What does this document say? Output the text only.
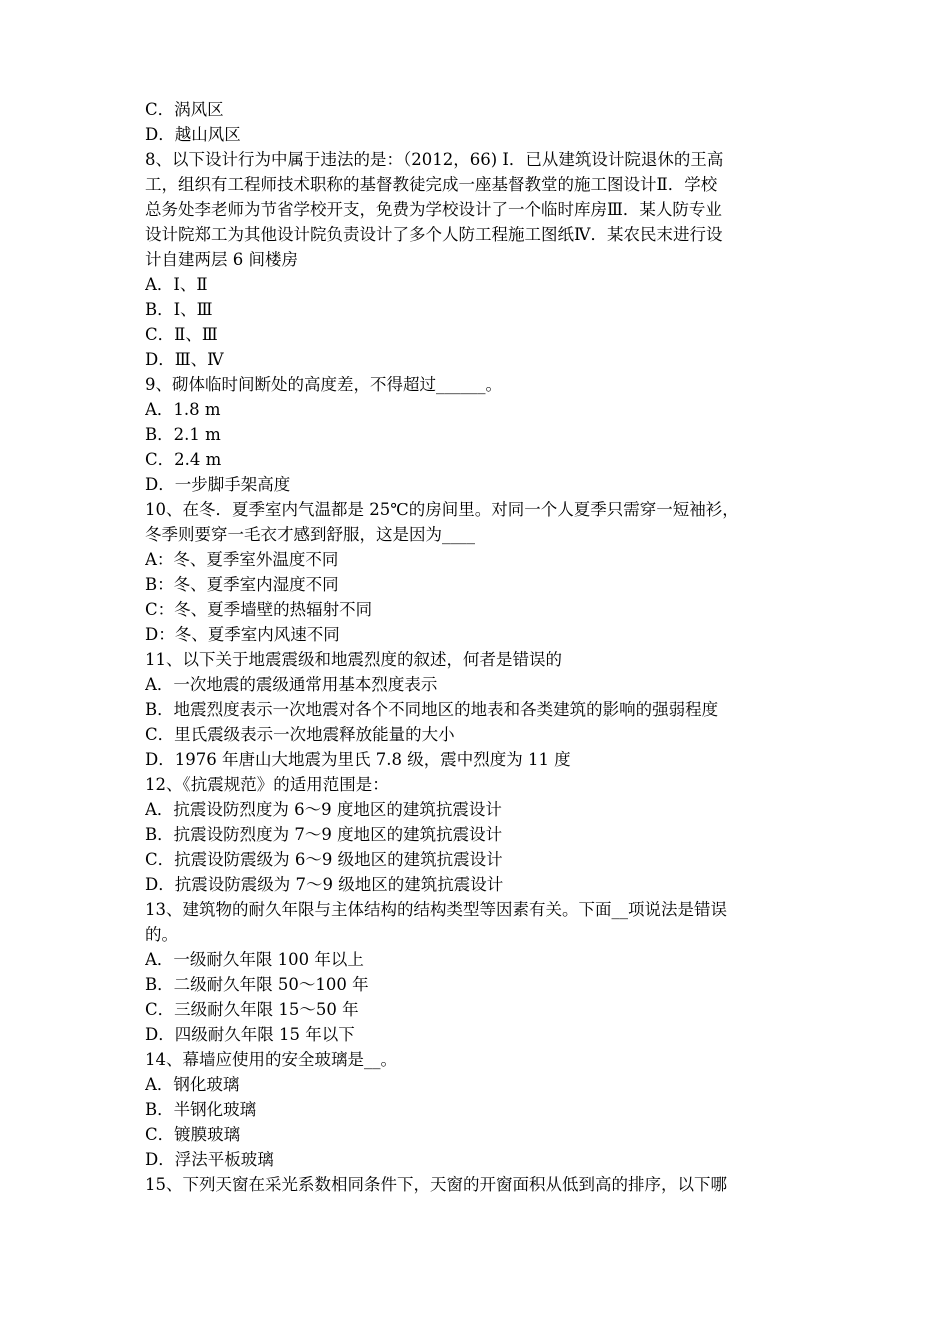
C．涡风区
D．越山风区
8、以下设计行为中属于违法的是：（2012，66) Ⅰ．已从建筑设计院退休的王高
工，组织有工程师技术职称的基督教徒完成一座基督教堂的施工图设计Ⅱ．学校
总务处李老师为节省学校开支，免费为学校设计了一个临时库房Ⅲ．某人防专业
设计院郑工为其他设计院负责设计了多个人防工程施工图纸Ⅳ．某农民末进行设
计自建两层 6 间楼房
A．Ⅰ、Ⅱ
B．Ⅰ、Ⅲ
C．Ⅱ、Ⅲ
D．Ⅲ、Ⅳ
9、砌体临时间断处的高度差，不得超过______。
A．1.8 m
B．2.1 m
C．2.4 m
D．一步脚手架高度
10、在冬．夏季室内气温都是 25℃的房间里。对同一个人夏季只需穿一短袖衫，
冬季则要穿一毛衣才感到舒服，这是因为____
A：冬、夏季室外温度不同
B：冬、夏季室内湿度不同
C：冬、夏季墙壁的热辐射不同
D：冬、夏季室内风速不同
11、以下关于地震震级和地震烈度的叙述，何者是错误的
A．一次地震的震级通常用基本烈度表示
B．地震烈度表示一次地震对各个不同地区的地表和各类建筑的影响的强弱程度
C．里氏震级表示一次地震释放能量的大小
D．1976 年唐山大地震为里氏 7.8 级，震中烈度为 11 度
12、《抗震规范》的适用范围是：
A．抗震设防烈度为 6～9 度地区的建筑抗震设计
B．抗震设防烈度为 7～9 度地区的建筑抗震设计
C．抗震设防震级为 6～9 级地区的建筑抗震设计
D．抗震设防震级为 7～9 级地区的建筑抗震设计
13、建筑物的耐久年限与主体结构的结构类型等因素有关。下面__项说法是错误
的。
A．一级耐久年限 100 年以上
B．二级耐久年限 50～100 年
C．三级耐久年限 15～50 年
D．四级耐久年限 15 年以下
14、幕墙应使用的安全玻璃是__。
A．钢化玻璃
B．半钢化玻璃
C．镀膜玻璃
D．浮法平板玻璃
15、下列天窗在采光系数相同条件下，天窗的开窗面积从低到高的排序，以下哪
